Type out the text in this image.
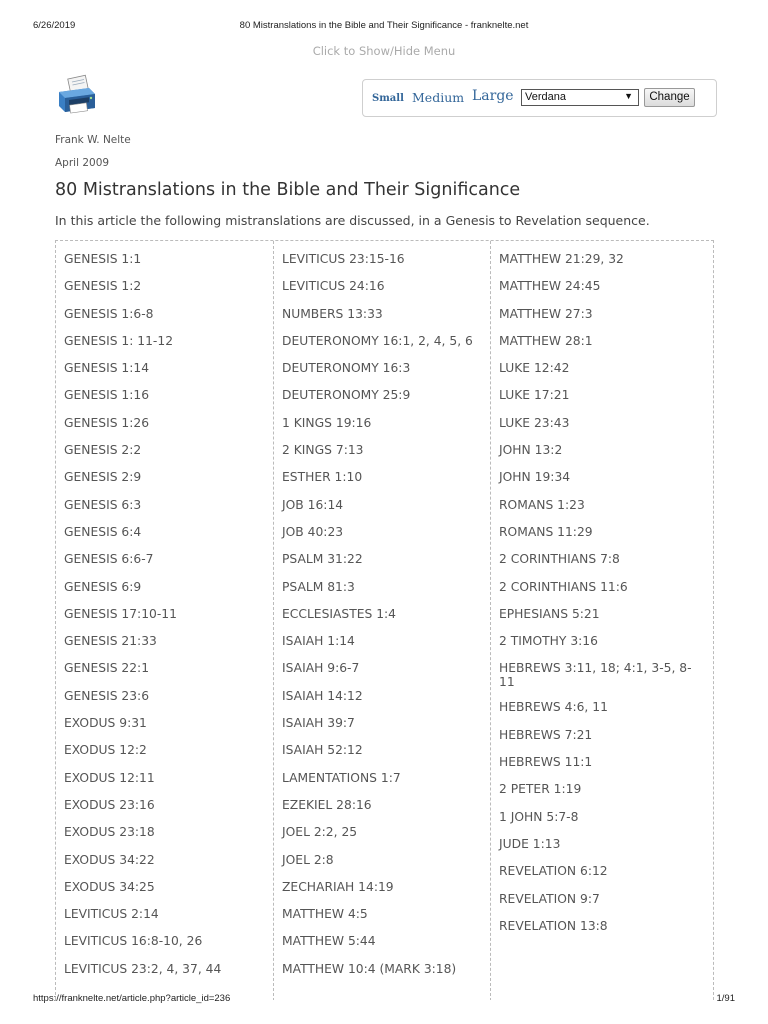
6/26/2019	80 Mistranslations in the Bible and Their Significance - franknelte.net
Click to Show/Hide Menu
Small Medium Large	Verdana	▼	Change
Frank W. Nelte
April 2009
80 Mistranslations in the Bible and Their Significance
In this article the following mistranslations are discussed, in a Genesis to Revelation sequence.
GENESIS 1:1
GENESIS 1:2
GENESIS 1:6-8
GENESIS 1: 11-12
GENESIS 1:14
GENESIS 1:16
GENESIS 1:26
GENESIS 2:2
GENESIS 2:9
GENESIS 6:3
GENESIS 6:4
GENESIS 6:6-7
GENESIS 6:9
GENESIS 17:10-11
GENESIS 21:33
GENESIS 22:1
GENESIS 23:6
EXODUS 9:31
EXODUS 12:2
EXODUS 12:11
EXODUS 23:16
EXODUS 23:18
EXODUS 34:22
EXODUS 34:25
LEVITICUS 2:14
LEVITICUS 16:8-10, 26
LEVITICUS 23:2, 4, 37, 44
LEVITICUS 23:15-16
LEVITICUS 24:16
NUMBERS 13:33
DEUTERONOMY 16:1, 2, 4, 5, 6
DEUTERONOMY 16:3
DEUTERONOMY 25:9
1 KINGS 19:16
2 KINGS 7:13
ESTHER 1:10
JOB 16:14
JOB 40:23
PSALM 31:22
PSALM 81:3
ECCLESIASTES 1:4
ISAIAH 1:14
ISAIAH 9:6-7
ISAIAH 14:12
ISAIAH 39:7
ISAIAH 52:12
LAMENTATIONS 1:7
EZEKIEL 28:16
JOEL 2:2, 25
JOEL 2:8
ZECHARIAH 14:19
MATTHEW 4:5
MATTHEW 5:44
MATTHEW 10:4 (MARK 3:18)
MATTHEW 21:29, 32
MATTHEW 24:45
MATTHEW 27:3
MATTHEW 28:1
LUKE 12:42
LUKE 17:21
LUKE 23:43
JOHN 13:2
JOHN 19:34
ROMANS 1:23
ROMANS 11:29
2 CORINTHIANS 7:8
2 CORINTHIANS 11:6
EPHESIANS 5:21
2 TIMOTHY 3:16
HEBREWS 3:11, 18; 4:1, 3-5, 8-11
HEBREWS 4:6, 11
HEBREWS 7:21
HEBREWS 11:1
2 PETER 1:19
1 JOHN 5:7-8
JUDE 1:13
REVELATION 6:12
REVELATION 9:7
REVELATION 13:8
https://franknelte.net/article.php?article_id=236	1/91
